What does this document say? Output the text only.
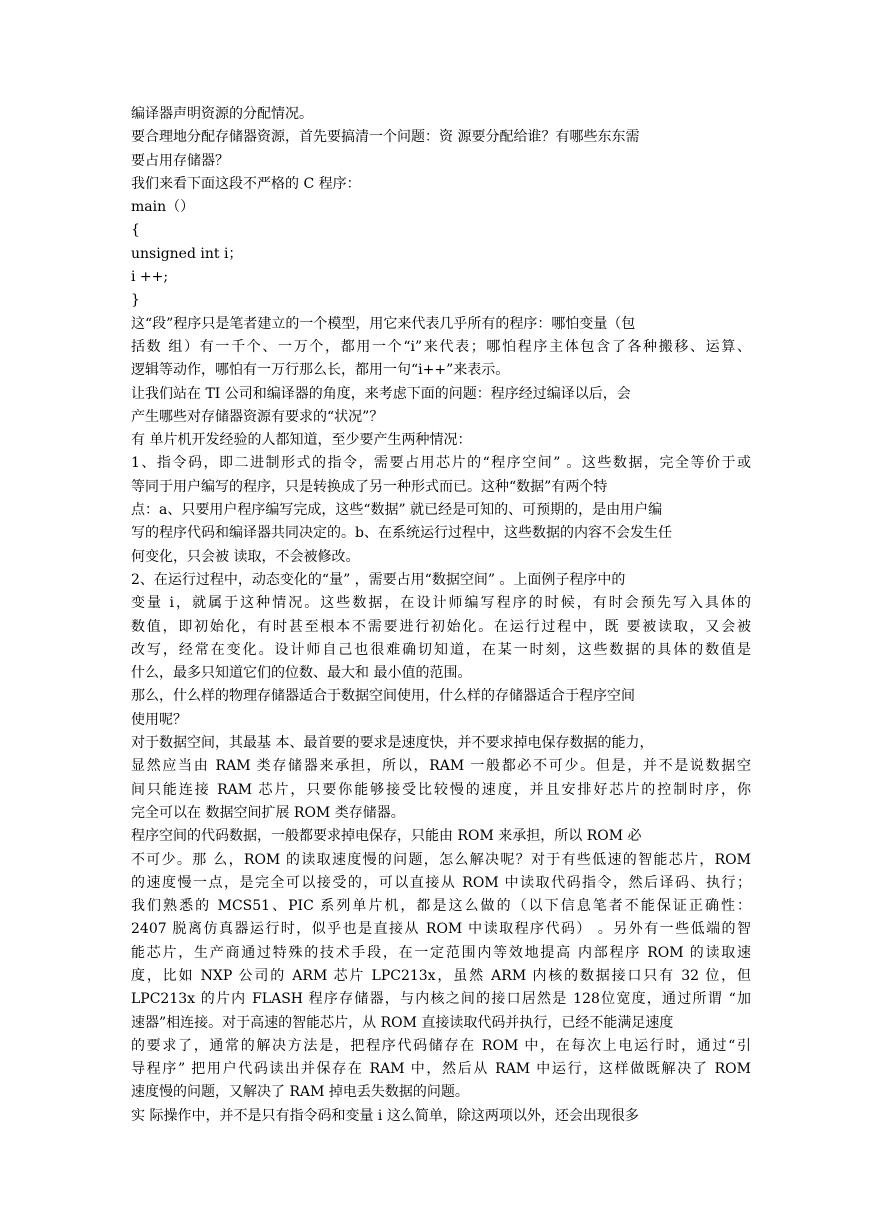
编译器声明资源的分配情况。
要合理地分配存储器资源，首先要搞清一个问题：资 源要分配给谁？有哪些东东需
要占用存储器？
我们来看下面这段不严格的 C 程序：
main（）
{
unsigned int i；
i ++;
}
这“段”程序只是笔者建立的一个模型，用它来代表几乎所有的程序：哪怕变量（包
括数 组）有一千个、一万个，都用一个“i”来代表；哪怕程序主体包含了各种搬移、运算、
逻辑等动作，哪怕有一万行那么长，都用一句“i++”来表示。
让我们站在 TI 公司和编译器的角度，来考虑下面的问题：程序经过编译以后，会
产生哪些对存储器资源有要求的“状况”？
有 单片机开发经验的人都知道，至少要产生两种情况：
1、指令码，即二进制形式的指令，需要占用芯片的“程序空间” 。这些数据，完全等价于或
等同于用户编写的程序，只是转换成了另一种形式而已。这种“数据”有两个特
点：a、只要用户程序编写完成，这些“数据” 就已经是可知的、可预期的，是由用户编
写的程序代码和编译器共同决定的。b、在系统运行过程中，这些数据的内容不会发生任
何变化，只会被 读取，不会被修改。
2、在运行过程中，动态变化的“量” ，需要占用“数据空间” 。上面例子程序中的
变量 i，就属于这种情况。这些数据，在设计师编写程序的时候，有时会预先写入具体的
数值，即初始化，有时甚至根本不需要进行初始化。在运行过程中，既 要被读取，又会被
改写，经常在变化。设计师自己也很难确切知道，在某一时刻，这些数据的具体的数值是
什么，最多只知道它们的位数、最大和 最小值的范围。
那么，什么样的物理存储器适合于数据空间使用，什么样的存储器适合于程序空间
使用呢？
对于数据空间，其最基 本、最首要的要求是速度快，并不要求掉电保存数据的能力，
显然应当由 RAM 类存储器来承担，所以，RAM 一般都必不可少。但是，并不是说数据空
间只能连接 RAM 芯片，只要你能够接受比较慢的速度，并且安排好芯片的控制时序，你
完全可以在 数据空间扩展 ROM 类存储器。
程序空间的代码数据，一般都要求掉电保存，只能由 ROM 来承担，所以 ROM 必
不可少。那 么，ROM 的读取速度慢的问题，怎么解决呢？对于有些低速的智能芯片，ROM
的速度慢一点，是完全可以接受的，可以直接从 ROM 中读取代码指令，然后译码、执行；
我们熟悉的 MCS51、PIC 系列单片机，都是这么做的（以下信息笔者不能保证正确性：
2407 脱离仿真器运行时，似乎也是直接从 ROM 中读取程序代码） 。另外有一些低端的智
能芯片，生产商通过特殊的技术手段，在一定范围内等效地提高 内部程序 ROM 的读取速
度，比如 NXP 公司的 ARM 芯片 LPC213x，虽然 ARM 内核的数据接口只有 32 位，但
LPC213x 的片内 FLASH 程序存储器，与内核之间的接口居然是 128位宽度，通过所谓 “加
速器”相连接。对于高速的智能芯片，从 ROM 直接读取代码并执行，已经不能满足速度
的要求了，通常的解决方法是，把程序代码储存在 ROM 中，在每次上电运行时，通过“引
导程序” 把用户代码读出并保存在 RAM 中，然后从 RAM 中运行，这样做既解决了 ROM
速度慢的问题，又解决了 RAM 掉电丢失数据的问题。
实 际操作中，并不是只有指令码和变量 i 这么简单，除这两项以外，还会出现很多
